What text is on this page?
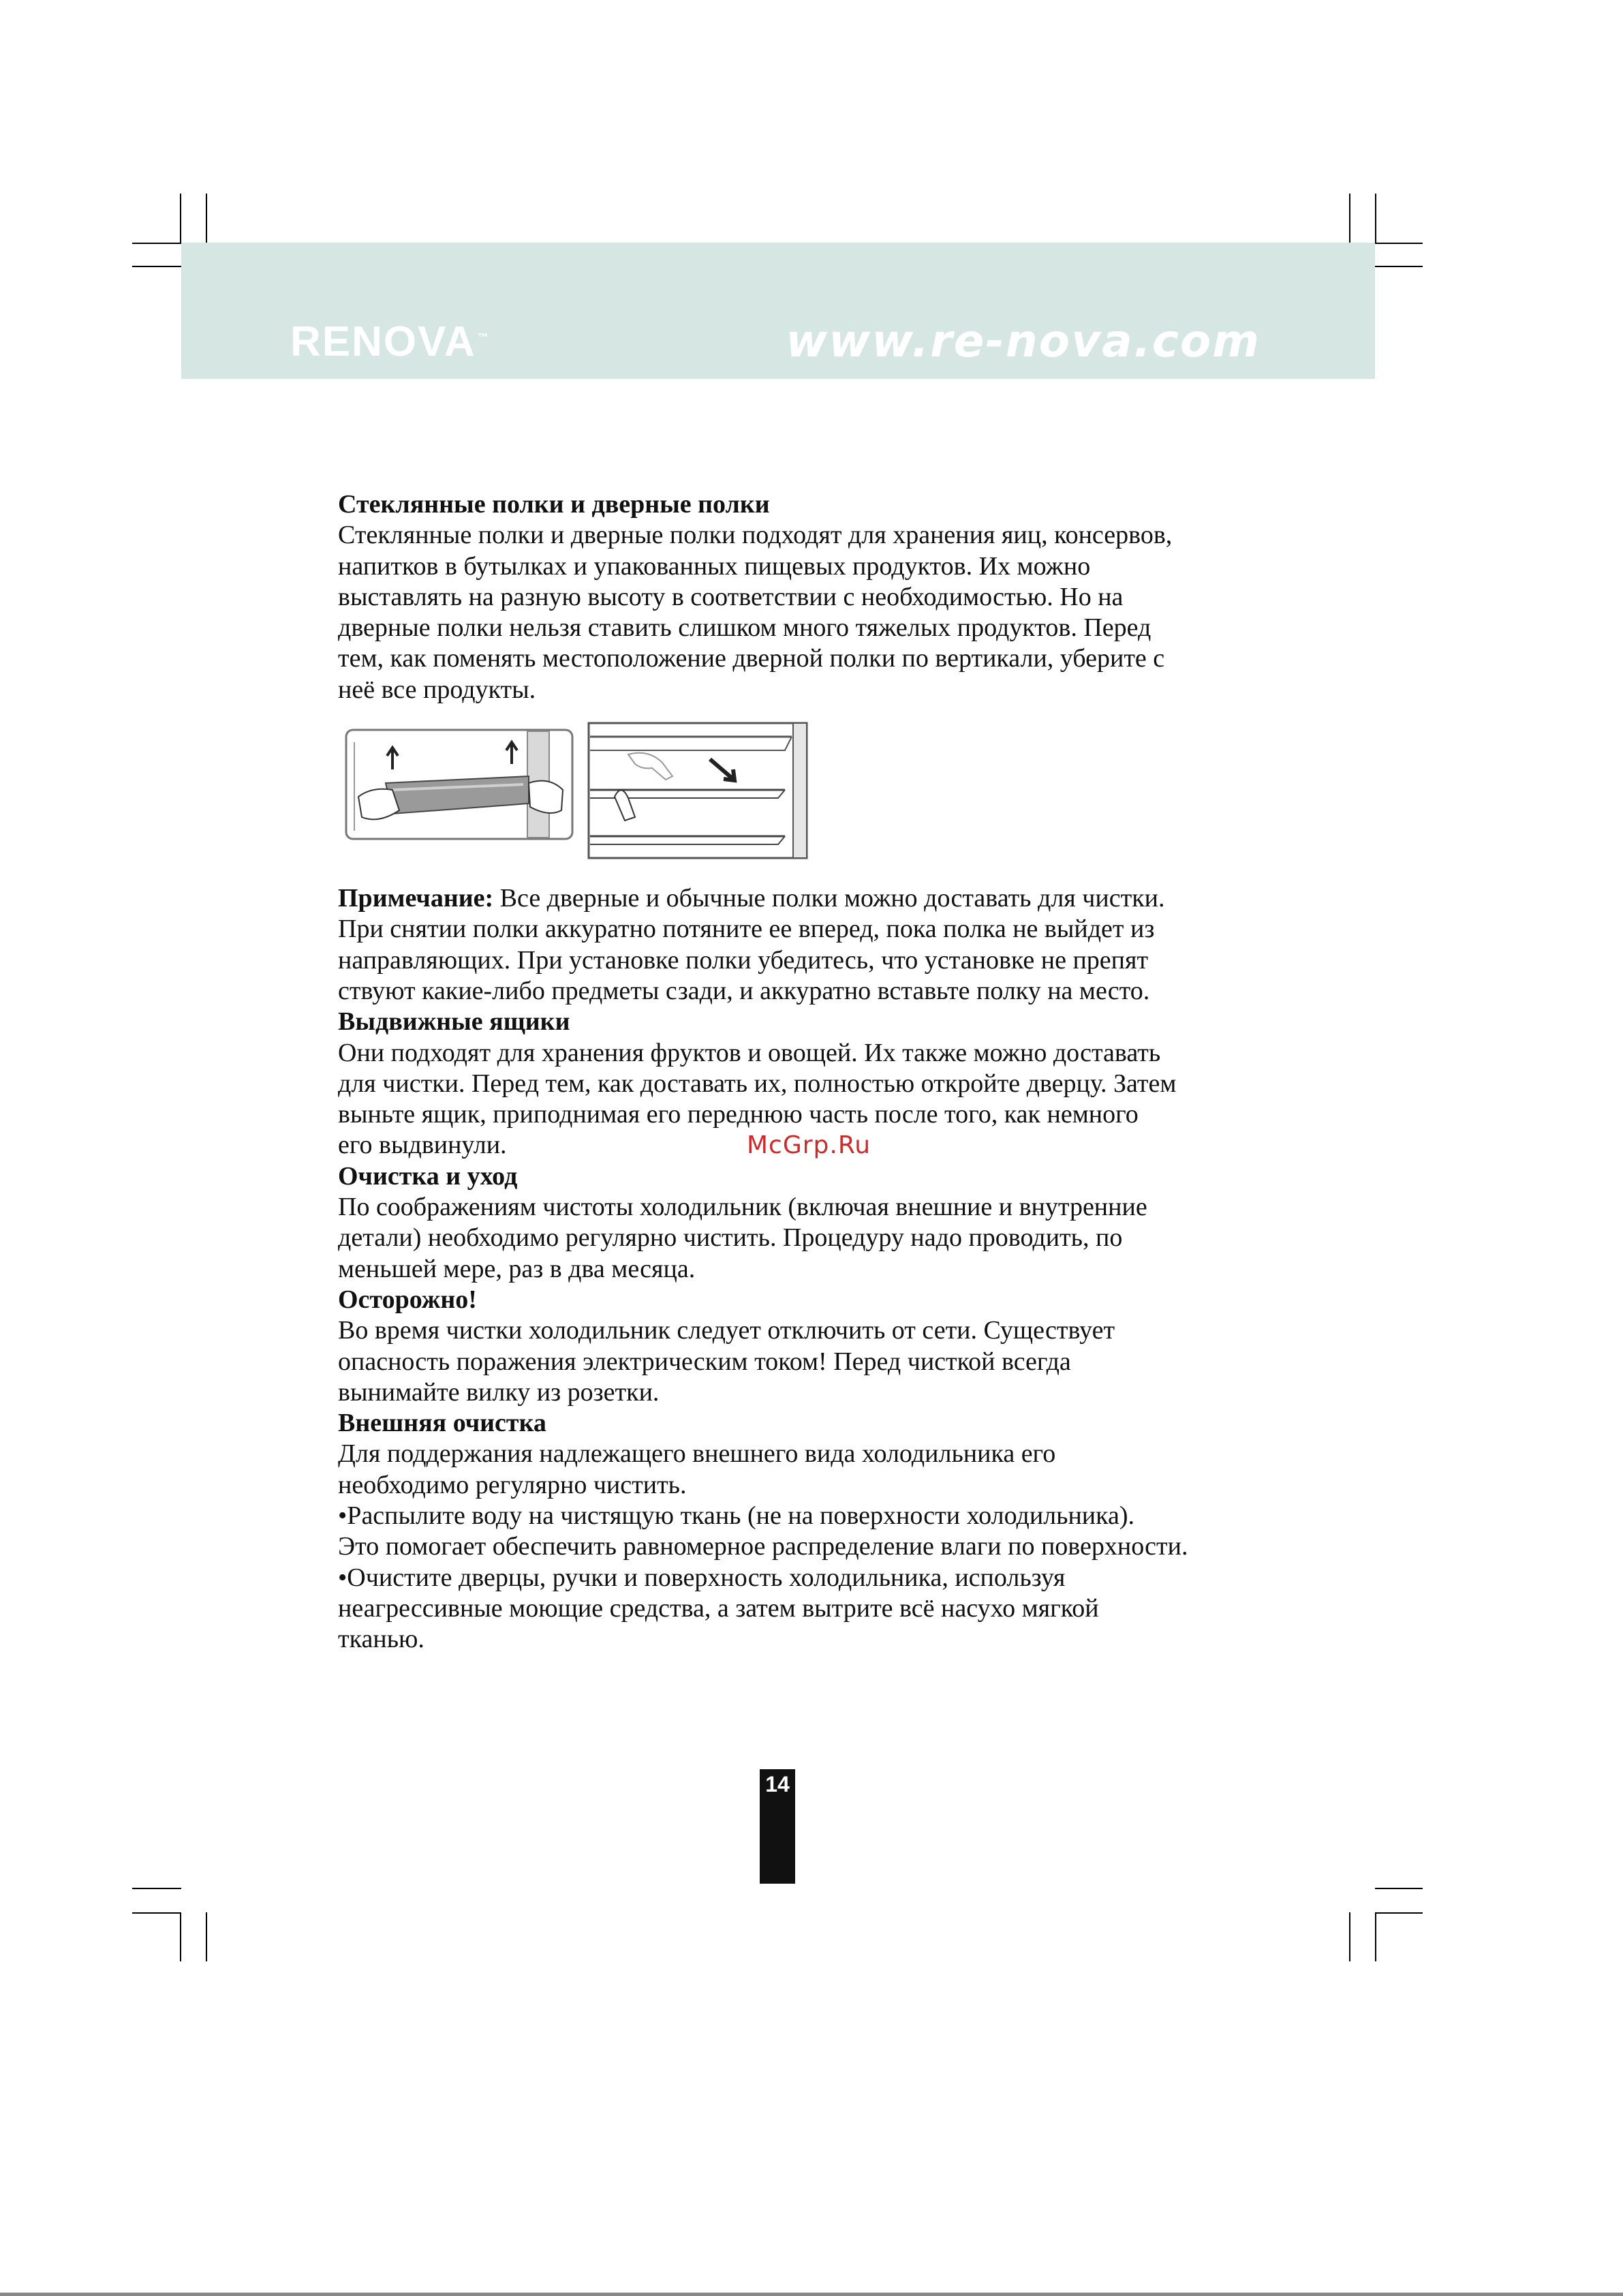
RENOVA ™	www.re-nova.com

Стеклянные полки и дверные полки

Стеклянные полки и дверные полки подходят для хранения яиц, консервов,

напитков в бутылках и упакованных пищевых продуктов. Их можно

выставлять на разную высоту в соответствии с необходимостью. Но на

дверные полки нельзя ставить слишком много тяжелых продуктов. Перед

тем, как поменять местоположение дверной полки по вертикали, уберите с

неё все продукты.

Примечание: Все дверные и обычные полки можно доставать для чистки.

При снятии полки аккуратно потяните ее вперед, пока полка не выйдет из

направляющих. При установке полки убедитесь, что установке не препят

ствуют какие-либо предметы сзади, и аккуратно вставьте полку на место.

Выдвижные ящики

Они подходят для хранения фруктов и овощей. Их также можно доставать

для чистки. Перед тем, как доставать их, полностью откройте дверцу. Затем

выньте ящик, приподнимая его переднюю часть после того, как немного

его выдвинули.

Очистка и уход

По соображениям чистоты холодильник (включая внешние и внутренние

детали) необходимо регулярно чистить. Процедуру надо проводить, по

меньшей мере, раз в два месяца.

Осторожно!

Во время чистки холодильник следует отключить от сети. Существует

опасность поражения электрическим током! Перед чисткой всегда

вынимайте вилку из розетки.

Внешняя очистка

Для поддержания надлежащего внешнего вида холодильника его

необходимо регулярно чистить.

•Распылите воду на чистящую ткань (не на поверхности холодильника).

Это помогает обеспечить равномерное распределение влаги по поверхности.

•Очистите дверцы, ручки и поверхность холодильника, используя

неагрессивные моющие средства, а затем вытрите всё насухо мягкой

тканью.

McGrp.Ru
14
